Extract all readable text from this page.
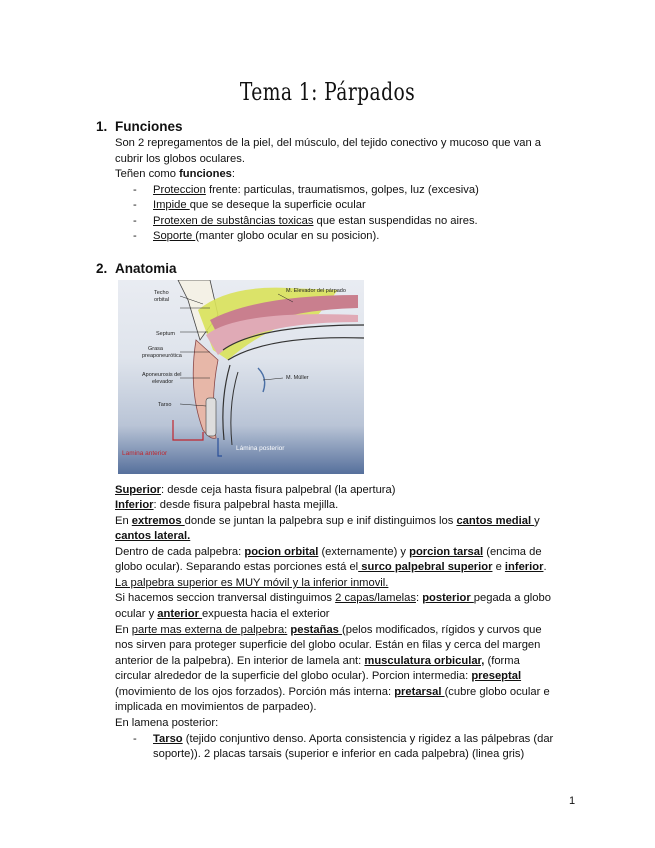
Tema 1: Párpados
1. Funciones
Son 2 repregamentos de la piel, del músculo, del tejido conectivo y mucoso que van a
cubrir los globos oculares.
Teñen como funciones:
- Proteccion frente: particulas, traumatismos, golpes, luz (excesiva)
- Impide que se deseque la superficie ocular
- Protexen de substâncias toxicas que estan suspendidas no aires.
- Soporte (manter globo ocular en su posicion).
2. Anatomia
Techo
orbital
M. Elevador del párpado
Septum
Grasa
preaponeurótica
Aponeurosis del
elevador
M. Müller
Tarso
Lamina anterior
Lámina posterior
Superior: desde ceja hasta fisura palpebral (la apertura)
Inferior: desde fisura palpebral hasta mejilla.
En extremos donde se juntan la palpebra sup e inif distinguimos los cantos medial y
cantos lateral.
Dentro de cada palpebra: pocion orbital (externamente) y porcion tarsal (encima de
globo ocular). Separando estas porciones está el surco palpebral superior e inferior.
La palpebra superior es MUY móvil y la inferior inmovil.
Si hacemos seccion tranversal distinguimos 2 capas/lamelas: posterior pegada a globo
ocular y anterior expuesta hacia el exterior
En parte mas externa de palpebra: pestañas (pelos modificados, rígidos y curvos que
nos sirven para proteger superficie del globo ocular. Están en filas y cerca del margen
anterior de la palpebra). En interior de lamela ant: musculatura orbicular, (forma
circular alrededor de la superficie del globo ocular). Porcion intermedia: preseptal
(movimiento de los ojos forzados). Porción más interna: pretarsal (cubre globo ocular e
implicada en movimientos de parpadeo).
En lamena posterior:
- Tarso (tejido conjuntivo denso. Aporta consistencia y rigidez a las pálpebras (dar
soporte)). 2 placas tarsais (superior e inferior en cada palpebra) (linea gris)
1
